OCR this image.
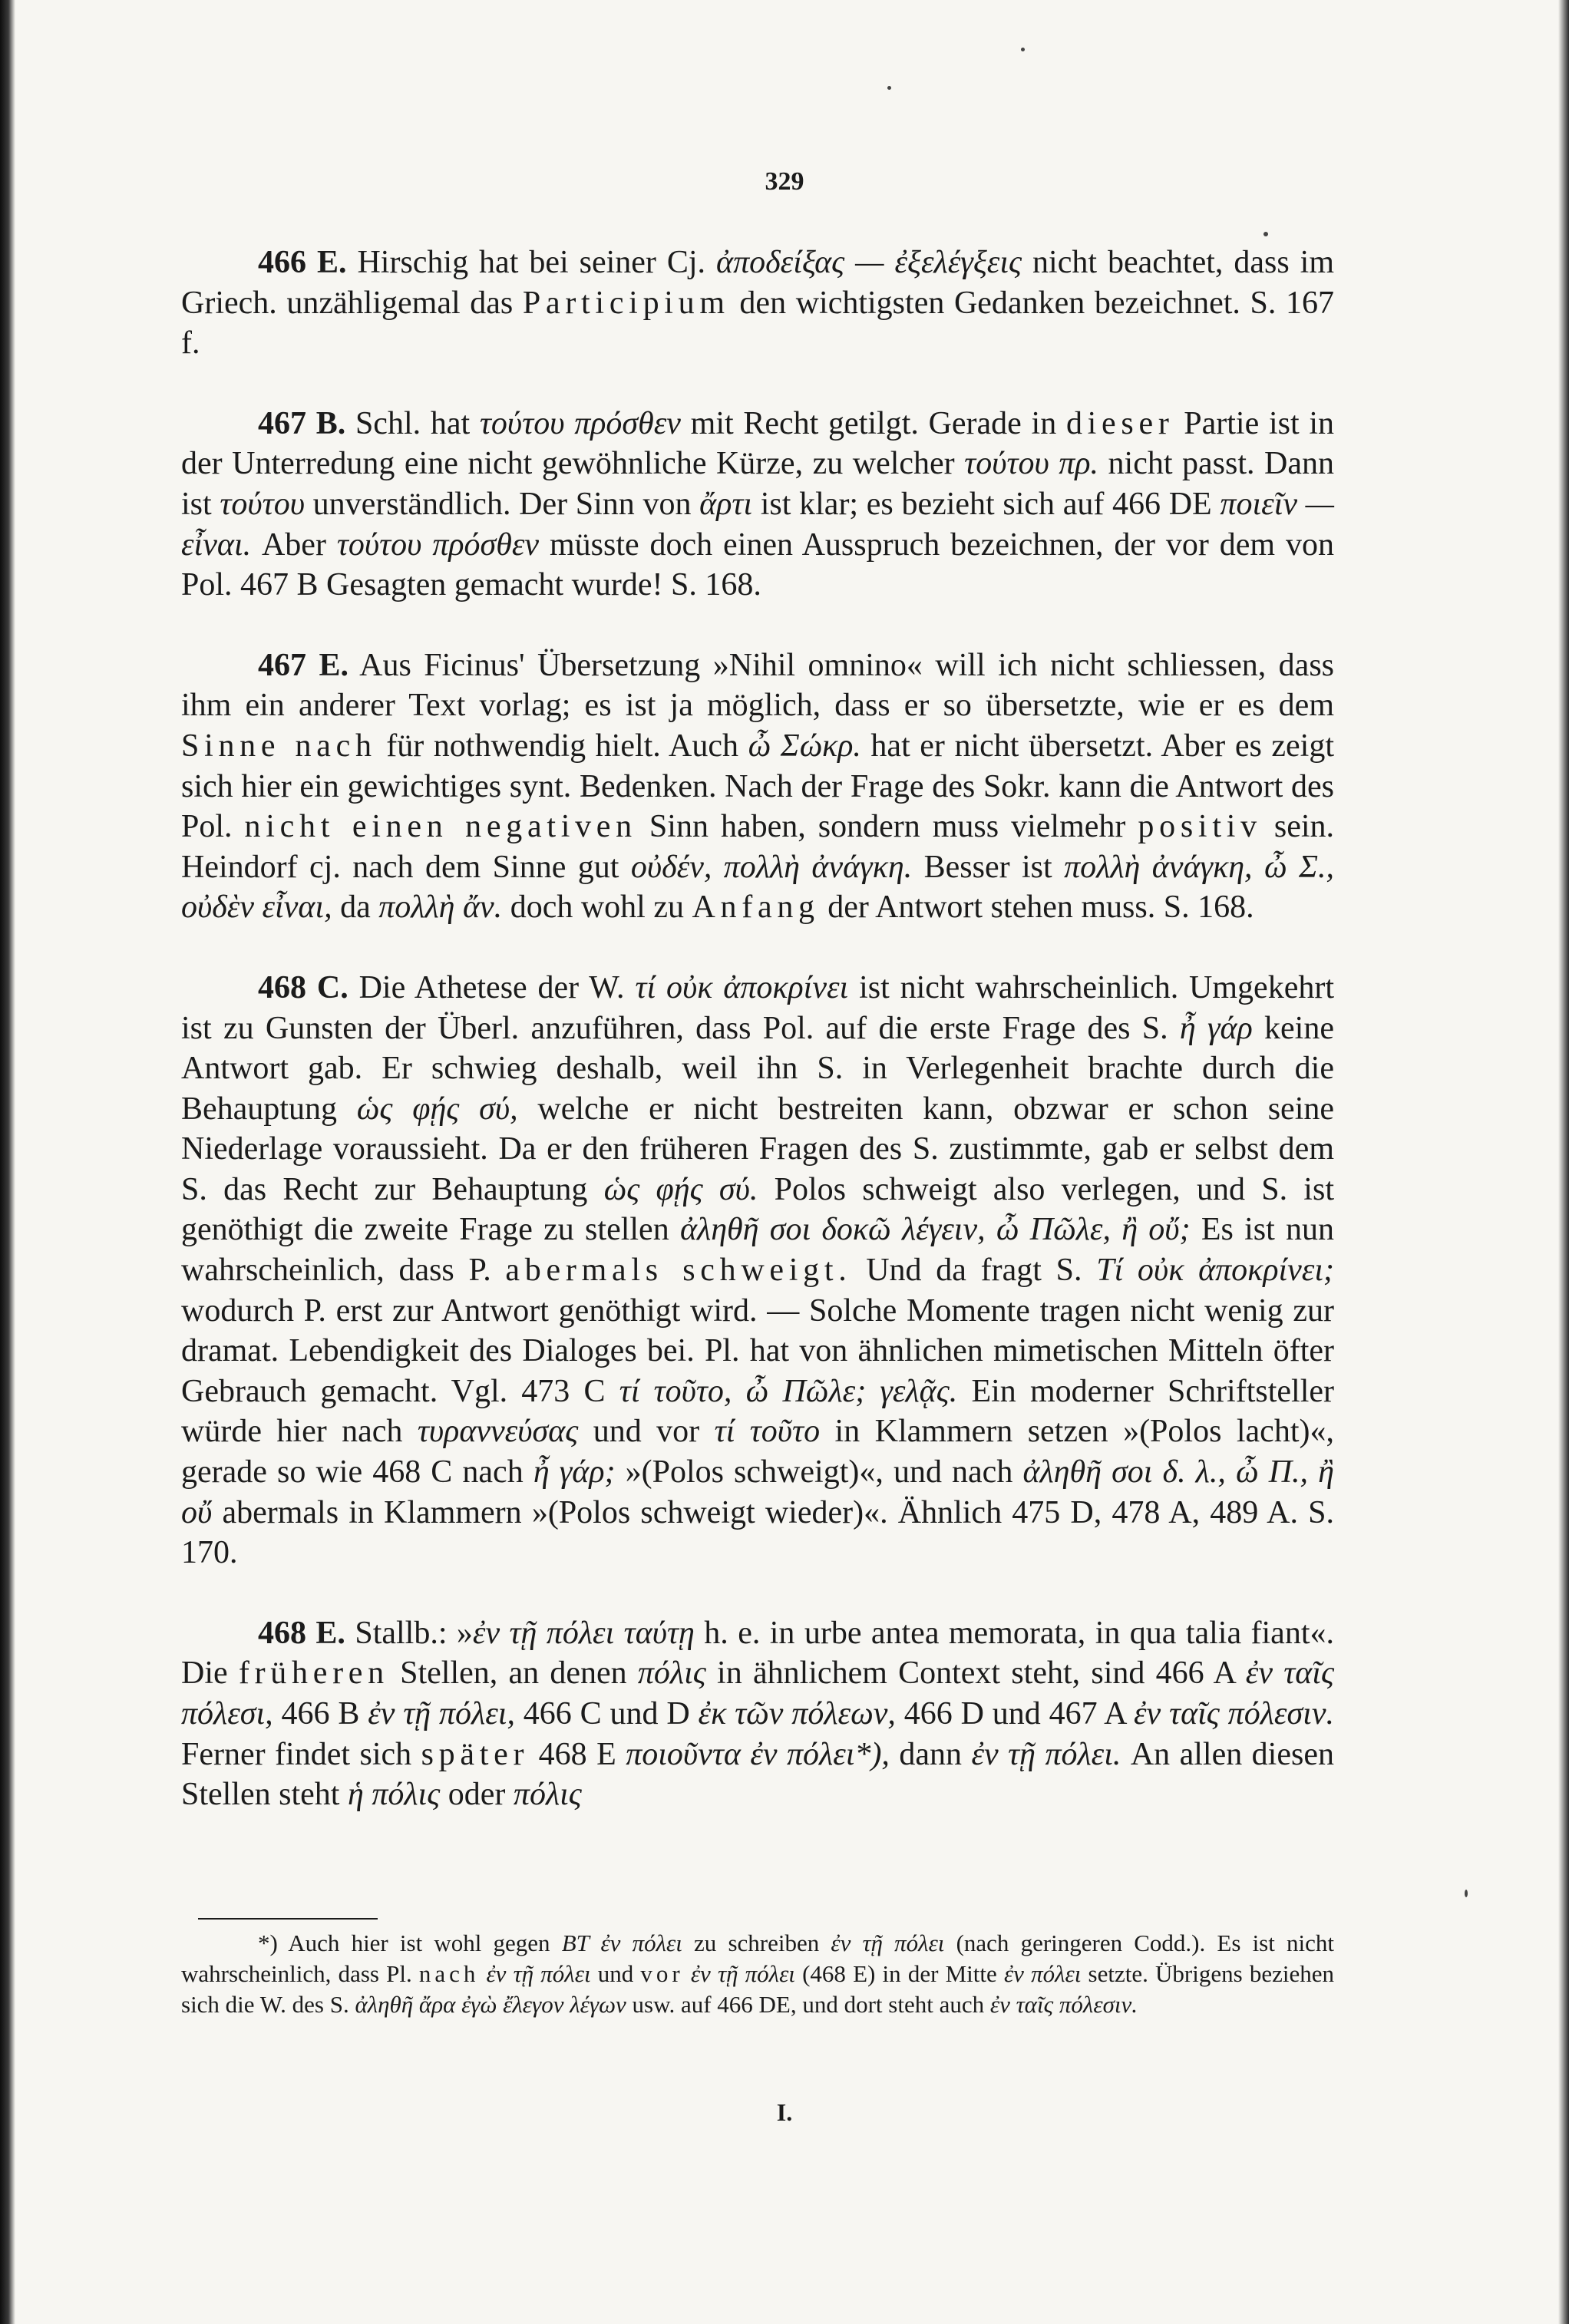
329

466 E. Hirschig hat bei seiner Cj. ἀποδείξας — ἐξελέγξεις nicht beachtet, dass im Griech. unzähligemal das Participium den wichtigsten Gedanken bezeichnet. S. 167 f.

467 B. Schl. hat τούτου πρόσθεν mit Recht getilgt. Gerade in dieser Partie ist in der Unterredung eine nicht gewöhnliche Kürze, zu welcher τούτου πρ. nicht passt. Dann ist τούτου unverständlich. Der Sinn von ἄρτι ist klar; es bezieht sich auf 466 DE ποιεῖν — εἶναι. Aber τούτου πρόσθεν müsste doch einen Ausspruch bezeichnen, der vor dem von Pol. 467 B Gesagten gemacht wurde! S. 168.

467 E. Aus Ficinus' Übersetzung »Nihil omnino« will ich nicht schliessen, dass ihm ein anderer Text vorlag; es ist ja möglich, dass er so übersetzte, wie er es dem Sinne nach für nothwendig hielt. Auch ὦ Σώκρ. hat er nicht übersetzt. Aber es zeigt sich hier ein gewichtiges synt. Bedenken. Nach der Frage des Sokr. kann die Antwort des Pol. nicht einen negativen Sinn haben, sondern muss vielmehr positiv sein. Heindorf cj. nach dem Sinne gut οὐδέν, πολλὴ ἀνάγκη. Besser ist πολλὴ ἀνάγκη, ὦ Σ., οὐδὲν εἶναι, da πολλὴ ἄν. doch wohl zu Anfang der Antwort stehen muss. S. 168.

468 C. Die Athetese der W. τί οὐκ ἀποκρίνει ist nicht wahrscheinlich. Umgekehrt ist zu Gunsten der Überl. anzuführen, dass Pol. auf die erste Frage des S. ἦ γάρ keine Antwort gab. Er schwieg deshalb, weil ihn S. in Verlegenheit brachte durch die Behauptung ὡς φῄς σύ, welche er nicht bestreiten kann, obzwar er schon seine Niederlage voraussieht. Da er den früheren Fragen des S. zustimmte, gab er selbst dem S. das Recht zur Behauptung ὡς φῄς σύ. Polos schweigt also verlegen, und S. ist genöthigt die zweite Frage zu stellen ἀληθῆ σοι δοκῶ λέγειν, ὦ Πῶλε, ἢ οὔ; Es ist nun wahrscheinlich, dass P. abermals schweigt. Und da fragt S. Τί οὐκ ἀποκρίνει; wodurch P. erst zur Antwort genöthigt wird. — Solche Momente tragen nicht wenig zur dramat. Lebendigkeit des Dialoges bei. Pl. hat von ähnlichen mimetischen Mitteln öfter Gebrauch gemacht. Vgl. 473 C τί τοῦτο, ὦ Πῶλε; γελᾷς. Ein moderner Schriftsteller würde hier nach τυραννεύσας und vor τί τοῦτο in Klammern setzen »(Polos lacht)«, gerade so wie 468 C nach ἦ γάρ; »(Polos schweigt)«, und nach ἀληθῆ σοι δ. λ., ὦ Π., ἢ οὔ abermals in Klammern »(Polos schweigt wieder)«. Ähnlich 475 D, 478 A, 489 A. S. 170.

468 E. Stallb.: »ἐν τῇ πόλει ταύτῃ h. e. in urbe antea memorata, in qua talia fiant«. Die früheren Stellen, an denen πόλις in ähnlichem Context steht, sind 466 A ἐν ταῖς πόλεσι, 466 B ἐν τῇ πόλει, 466 C und D ἐκ τῶν πόλεων, 466 D und 467 A ἐν ταῖς πόλεσιν. Ferner findet sich später 468 E ποιοῦντα ἐν πόλει*), dann ἐν τῇ πόλει. An allen diesen Stellen steht ἡ πόλις oder πόλις

*) Auch hier ist wohl gegen BT ἐν πόλει zu schreiben ἐν τῇ πόλει (nach geringeren Codd.). Es ist nicht wahrscheinlich, dass Pl. nach ἐν τῇ πόλει und vor ἐν τῇ πόλει (468 E) in der Mitte ἐν πόλει setzte. Übrigens beziehen sich die W. des S. ἀληθῆ ἄρα ἐγὼ ἔλεγον λέγων usw. auf 466 DE, und dort steht auch ἐν ταῖς πόλεσιν.

I.
